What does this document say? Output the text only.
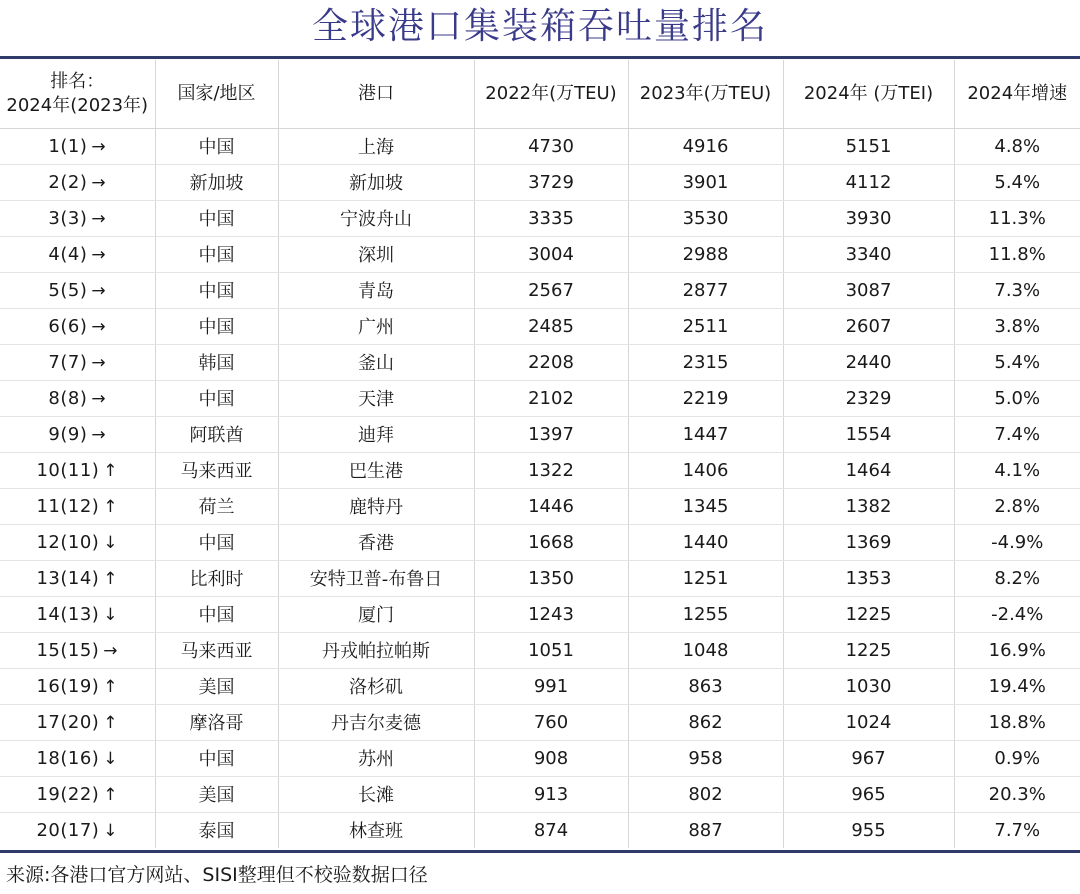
全球港口集装箱吞吐量排名
排名：
2024年(2023年)	国家/地区	港口	2022年(万TEU)	2023年(万TEU)	2024年 (万TEI)	2024年增速
1(1) →	中国	上海	4730	4916	5151	4.8%
2(2) →	新加坡	新加坡	3729	3901	4112	5.4%
3(3) →	中国	宁波舟山	3335	3530	3930	11.3%
4(4) →	中国	深圳	3004	2988	3340	11.8%
5(5) →	中国	青岛	2567	2877	3087	7.3%
6(6) →	中国	广州	2485	2511	2607	3.8%
7(7) →	韩国	釜山	2208	2315	2440	5.4%
8(8) →	中国	天津	2102	2219	2329	5.0%
9(9) →	阿联酋	迪拜	1397	1447	1554	7.4%
10(11) ↑	马来西亚	巴生港	1322	1406	1464	4.1%
11(12) ↑	荷兰	鹿特丹	1446	1345	1382	2.8%
12(10) ↓	中国	香港	1668	1440	1369	-4.9%
13(14) ↑	比利时	安特卫普-布鲁日	1350	1251	1353	8.2%
14(13) ↓	中国	厦门	1243	1255	1225	-2.4%
15(15) →	马来西亚	丹戎帕拉帕斯	1051	1048	1225	16.9%
16(19) ↑	美国	洛杉矶	991	863	1030	19.4%
17(20) ↑	摩洛哥	丹吉尔麦德	760	862	1024	18.8%
18(16) ↓	中国	苏州	908	958	967	0.9%
19(22) ↑	美国	长滩	913	802	965	20.3%
20(17) ↓	泰国	林查班	874	887	955	7.7%
来源:各港口官方网站、SISI整理但不校验数据口径
